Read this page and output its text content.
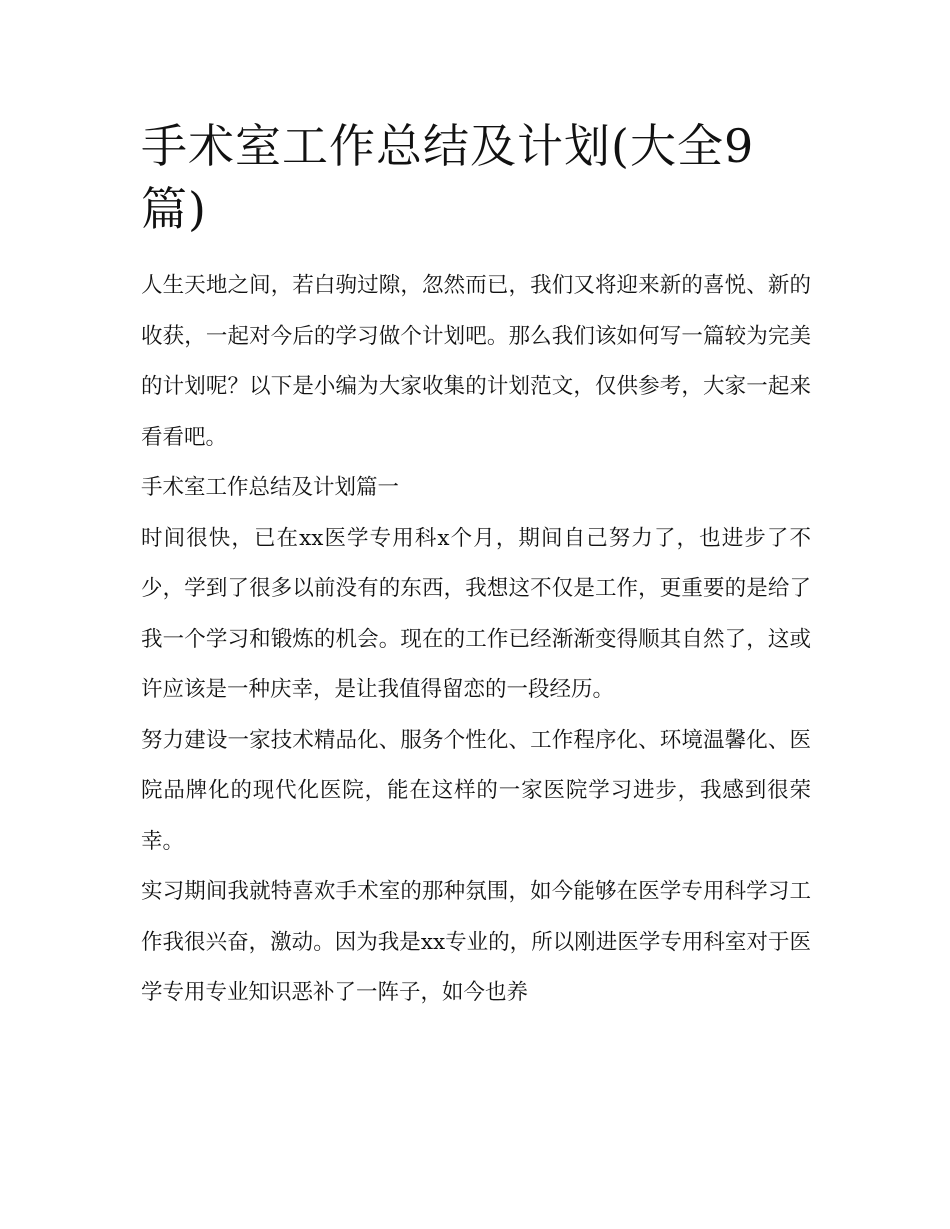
手术室工作总结及计划(大全9篇)

人生天地之间，若白驹过隙，忽然而已，我们又将迎来新的喜悦、新的收获，一起对今后的学习做个计划吧。那么我们该如何写一篇较为完美的计划呢？以下是小编为大家收集的计划范文，仅供参考，大家一起来看看吧。

手术室工作总结及计划篇一

时间很快，已在xx医学专用科x个月，期间自己努力了，也进步了不少，学到了很多以前没有的东西，我想这不仅是工作，更重要的是给了我一个学习和锻炼的机会。现在的工作已经渐渐变得顺其自然了，这或许应该是一种庆幸，是让我值得留恋的一段经历。

努力建设一家技术精品化、服务个性化、工作程序化、环境温馨化、医院品牌化的现代化医院，能在这样的一家医院学习进步，我感到很荣幸。

实习期间我就特喜欢手术室的那种氛围，如今能够在医学专用科学习工作我很兴奋，激动。因为我是xx专业的，所以刚进医学专用科室对于医学专用专业知识恶补了一阵子，如今也养
